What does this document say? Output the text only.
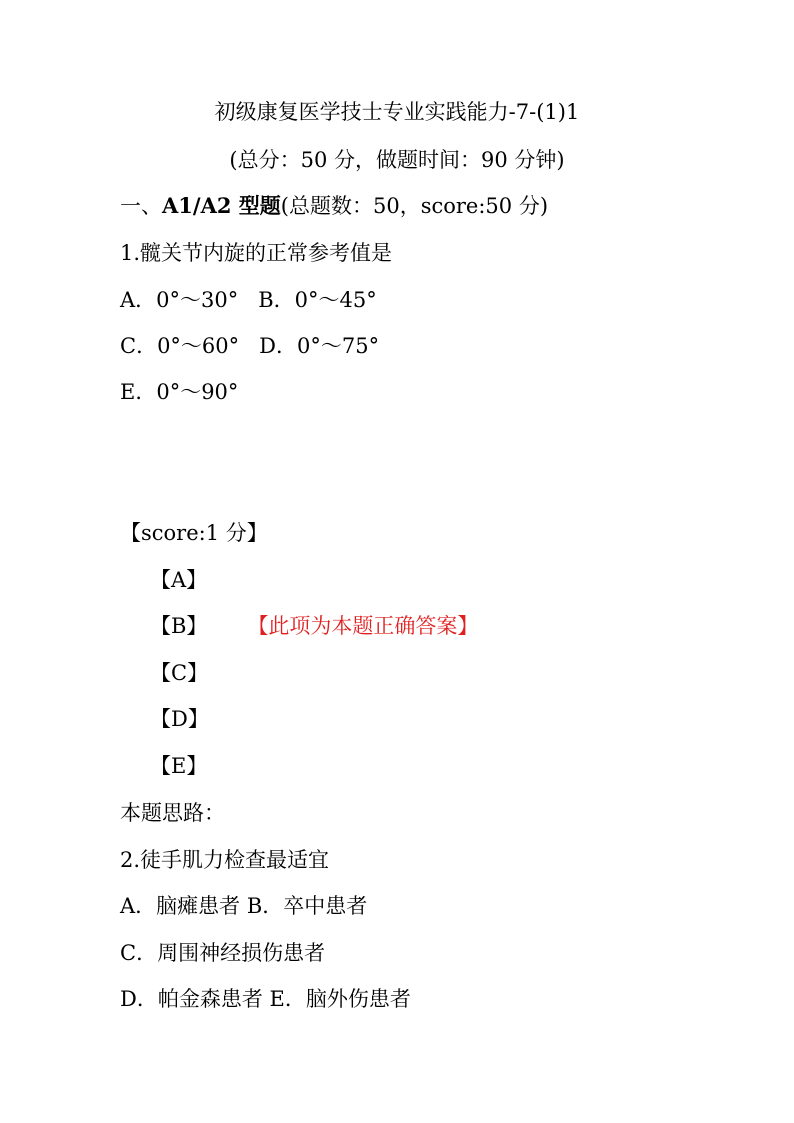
初级康复医学技士专业实践能力-7-(1)1
(总分：50 分，做题时间：90 分钟)
一、A1/A2 型题(总题数：50，score:50 分)
1.髋关节内旋的正常参考值是
A．0°～30° B．0°～45°
C．0°～60° D．0°～75°
E．0°～90°
【score:1 分】
【A】
【B】 【此项为本题正确答案】
【C】
【D】
【E】
本题思路：
2.徒手肌力检查最适宜
A．脑瘫患者 B．卒中患者
C．周围神经损伤患者
D．帕金森患者 E．脑外伤患者
